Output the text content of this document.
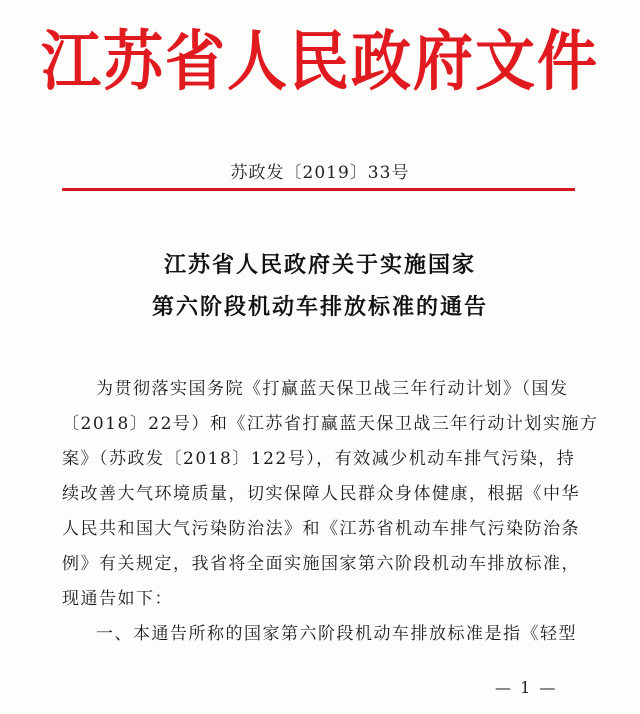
江苏省人民政府文件
苏政发〔2019〕33号
江苏省人民政府关于实施国家
第六阶段机动车排放标准的通告
为贯彻落实国务院《打赢蓝天保卫战三年行动计划》（国发
〔2018〕22号）和《江苏省打赢蓝天保卫战三年行动计划实施方
案》（苏政发〔2018〕122号），有效减少机动车排气污染，持
续改善大气环境质量，切实保障人民群众身体健康，根据《中华
人民共和国大气污染防治法》和《江苏省机动车排气污染防治条
例》有关规定，我省将全面实施国家第六阶段机动车排放标准，
现通告如下：
一、本通告所称的国家第六阶段机动车排放标准是指《轻型
— 1 —
